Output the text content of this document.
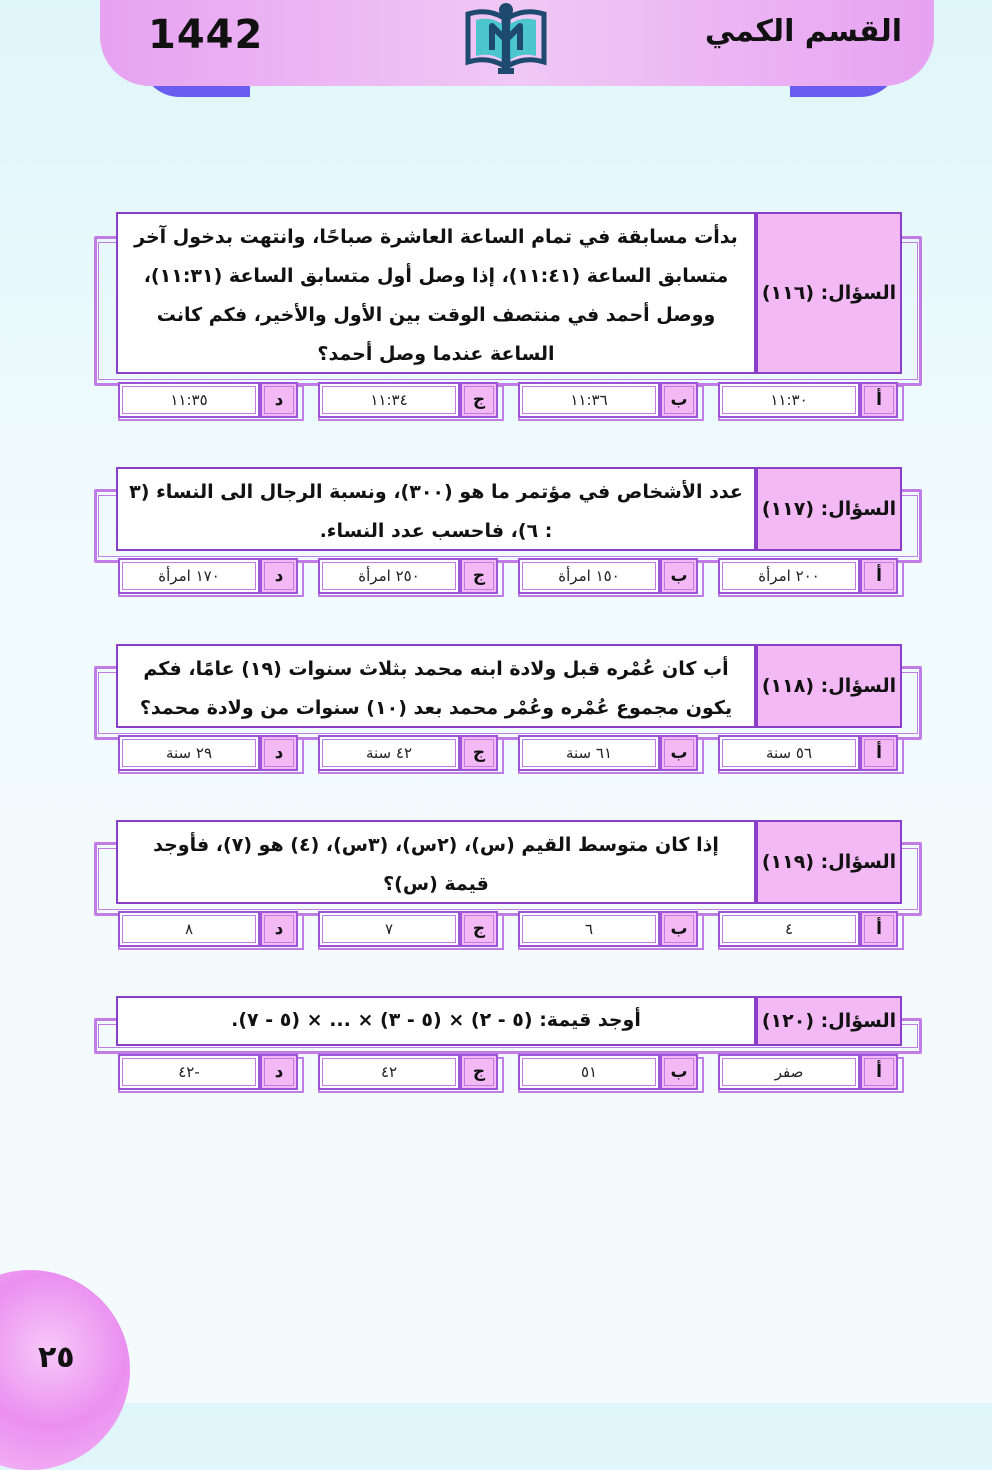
1442	القسم الكمي
بدأت مسابقة في تمام الساعة العاشرة صباحًا، وانتهت بدخول آخر متسابق الساعة (١١:٤١)، إذا وصل أول متسابق الساعة (١١:٣١)، ووصل أحمد في منتصف الوقت بين الأول والأخير، فكم كانت الساعة عندما وصل أحمد؟
السؤال: (١١٦)
١١:٣٠	أ
١١:٣٦	ب
١١:٣٤	ج
١١:٣٥	د
عدد الأشخاص في مؤتمر ما هو (٣٠٠)، ونسبة الرجال الى النساء (٣ : ٦)، فاحسب عدد النساء.
السؤال: (١١٧)
٢٠٠ امرأة	أ
١٥٠ امرأة	ب
٢٥٠ امرأة	ج
١٧٠ امرأة	د
أب كان عُمْره قبل ولادة ابنه محمد بثلاث سنوات (١٩) عامًا، فكم يكون مجموع عُمْره وعُمْر محمد بعد (١٠) سنوات من ولادة محمد؟
السؤال: (١١٨)
٥٦ سنة	أ
٦١ سنة	ب
٤٢ سنة	ج
٢٩ سنة	د
إذا كان متوسط القيم (س)، (٢س)، (٣س)، (٤) هو (٧)، فأوجد قيمة (س)؟
السؤال: (١١٩)
٤	أ
٦	ب
٧	ج
٨	د
أوجد قيمة: (٥ - ٢) × (٥ - ٣) × ... × (٥ - ٧).	السؤال: (١٢٠)
صفر	أ
٥١	ب
٤٢	ج
-٤٢	د
٢٥
